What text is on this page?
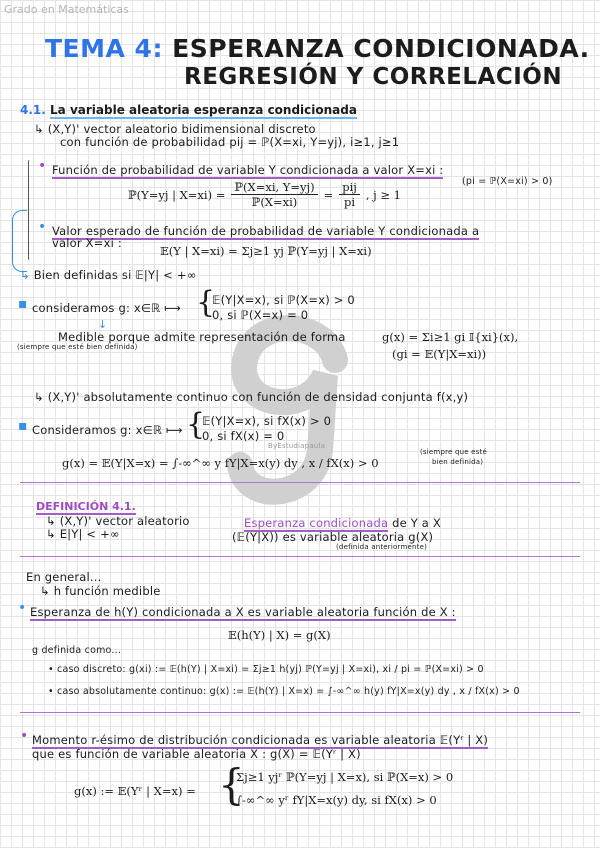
Grado en Matemáticas
TEMA 4: ESPERANZA CONDICIONADA.
REGRESIÓN Y CORRELACIÓN
4.1. La variable aleatoria esperanza condicionada
↳ (X,Y)' vector aleatorio bidimensional discreto
con función de probabilidad pij = ℙ(X=xi, Y=yj), i≥1, j≥1
• Función de probabilidad de variable Y condicionada a valor X=xi :
(pi = ℙ(X=xi) > 0)
ℙ(Y=yj | $X=xi) = \frac{\text{ℙ(X=xi, Y=yj)}}{\text{ℙ(X=xi)}} = \frac{\text{pij}}{pi}$ , j ≥ 1
• Valor esperado de función de probabilidad de variable Y condicionada a
valor X=xi :
𝔼(Y | X=xi) = Σj≥1 yj ℙ(Y=yj | X=xi)
↳ Bien definidas si 𝔼|Y| < +∞
▪ consideramos g: x∈ℝ ⟼ {
𝔼(Y|X=x), si ℙ(X=x) > 0
0, si ℙ(X=x) = 0
↓
Medible porque admite representación de forma	g(x) = Σi≥1 gi 𝕀{xi}(x),
(siempre que esté bien definida)	(gi = 𝔼(Y|X=xi))
↳ (X,Y)' absolutamente continuo con función de densidad conjunta f(x,y)
▪ Consideramos g: x∈ℝ ⟼ {
𝔼(Y|X=x), si fX(x) > 0
0, si fX(x) = 0
ByEstudiapaula
g(x) = 𝔼(Y|X=x) = ∫-∞^∞ y fY|X=x(y) dy , x / fX(x) > 0
(siempre que esté
bien definida)
DEFINICIÓN 4.1.
↳ (X,Y)' vector aleatorio
↳ E|Y| < +∞
Esperanza condicionada de Y a X
(𝔼(Y|X)) es variable aleatoria g(X)
(definida anteriormente)
En general...
↳ h función medible
• Esperanza de h(Y) condicionada a X es variable aleatoria función de X :
𝔼(h(Y) | X) = g(X)
g definida como...
• caso discreto: g(xi) := 𝔼(h(Y) | X=xi) = Σj≥1 h(yj) ℙ(Y=yj | X=xi), xi / pi = ℙ(X=xi) > 0
• caso absolutamente continuo: g(x) := 𝔼(h(Y) | X=x) = ∫-∞^∞ h(y) fY|X=x(y) dy , x / fX(x) > 0
• Momento r-ésimo de distribución condicionada es variable aleatoria 𝔼(Yʳ | X)
que es función de variable aleatoria X : g(X) = 𝔼(Yʳ | X)
g(x) := 𝔼(Yʳ | X=x) = {
Σj≥1 yjʳ ℙ(Y=yj | X=x), si ℙ(X=x) > 0
∫-∞^∞ yʳ fY|X=x(y) dy, si fX(x) > 0
